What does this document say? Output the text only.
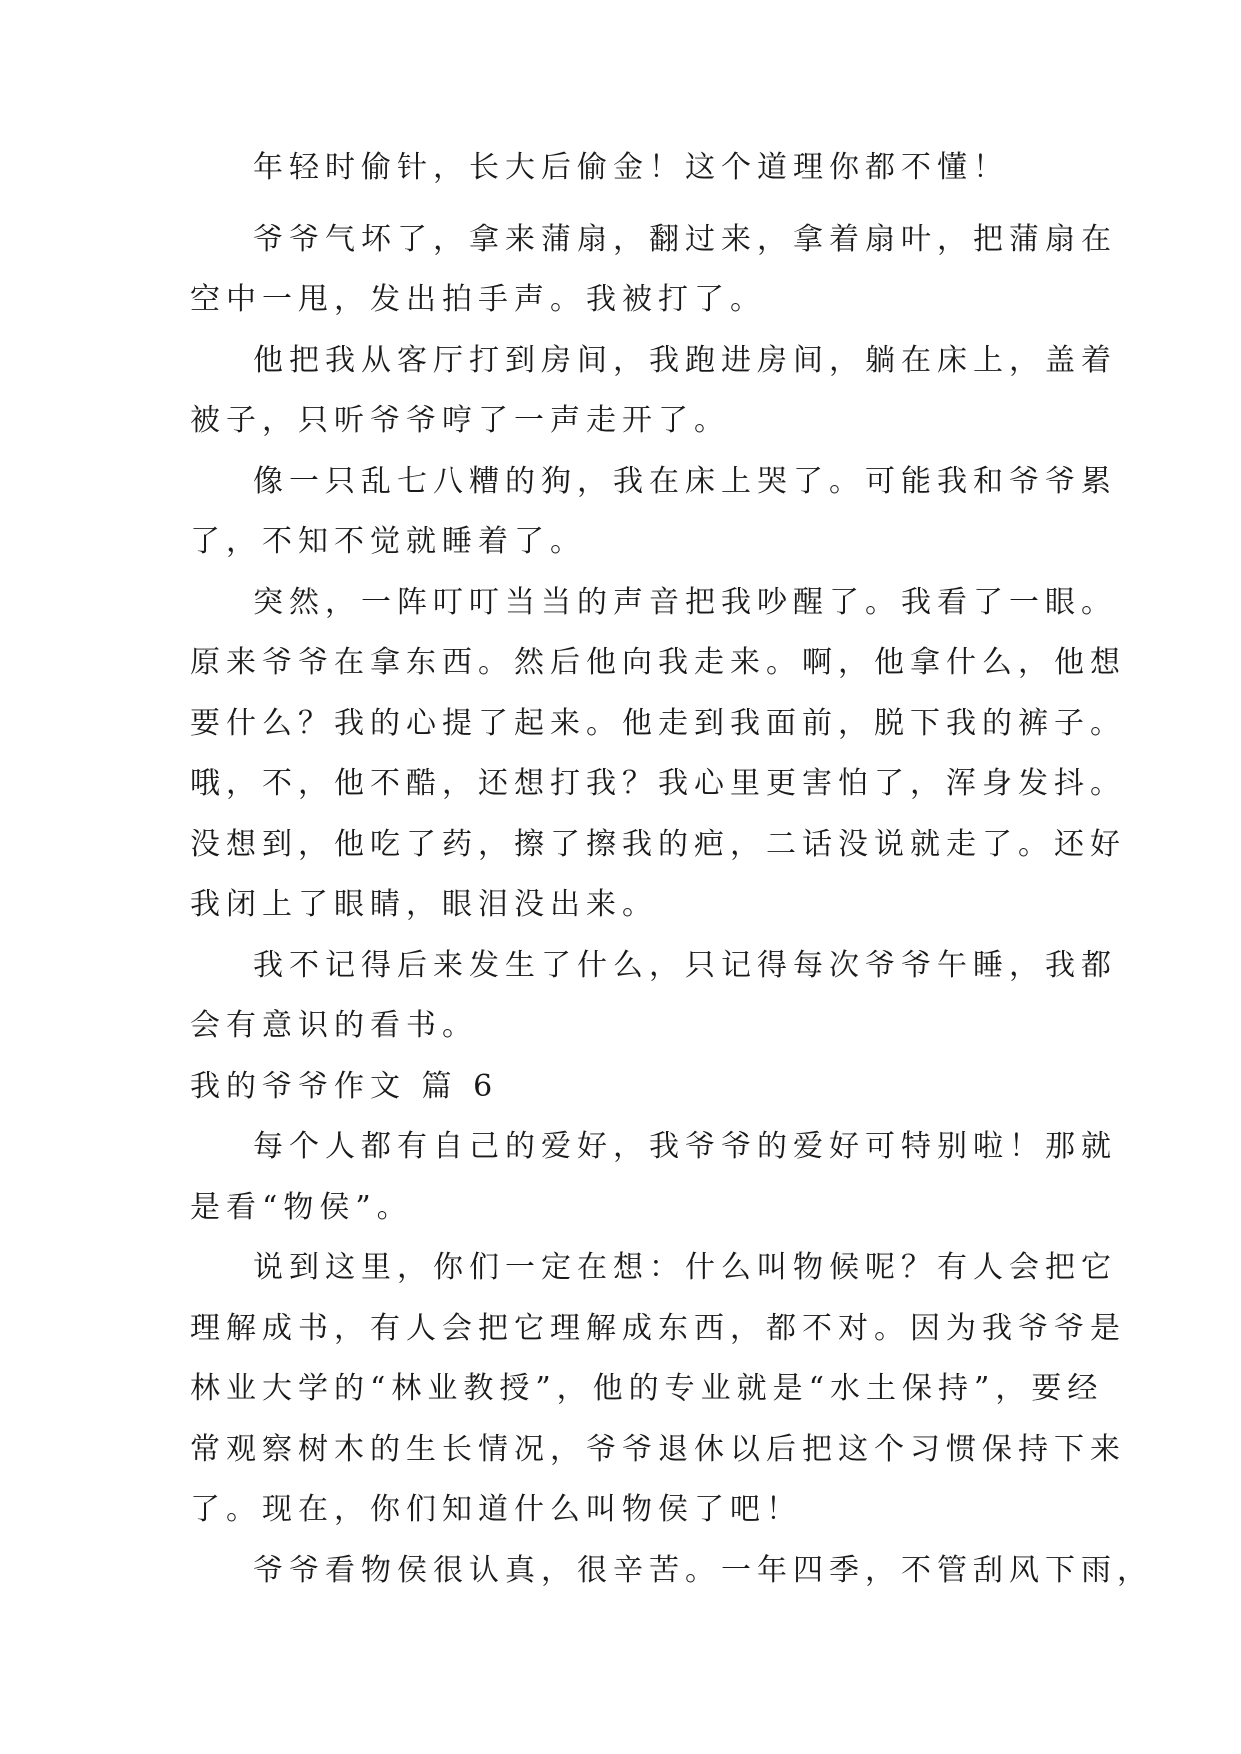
年轻时偷针，长大后偷金！这个道理你都不懂！
爷爷气坏了，拿来蒲扇，翻过来，拿着扇叶，把蒲扇在
空中一甩，发出拍手声。我被打了。
他把我从客厅打到房间，我跑进房间，躺在床上，盖着
被子，只听爷爷哼了一声走开了。
像一只乱七八糟的狗，我在床上哭了。可能我和爷爷累
了，不知不觉就睡着了。
突然，一阵叮叮当当的声音把我吵醒了。我看了一眼。
原来爷爷在拿东西。然后他向我走来。啊，他拿什么，他想
要什么？我的心提了起来。他走到我面前，脱下我的裤子。
哦，不，他不酷，还想打我？我心里更害怕了，浑身发抖。
没想到，他吃了药，擦了擦我的疤，二话没说就走了。还好
我闭上了眼睛，眼泪没出来。
我不记得后来发生了什么，只记得每次爷爷午睡，我都
会有意识的看书。
我的爷爷作文 篇 6
每个人都有自己的爱好，我爷爷的爱好可特别啦！那就
是看“物侯”。
说到这里，你们一定在想：什么叫物候呢？有人会把它
理解成书，有人会把它理解成东西，都不对。因为我爷爷是
林业大学的“林业教授”，他的专业就是“水土保持”，要经
常观察树木的生长情况，爷爷退休以后把这个习惯保持下来
了。现在，你们知道什么叫物侯了吧！
爷爷看物侯很认真，很辛苦。一年四季，不管刮风下雨，
